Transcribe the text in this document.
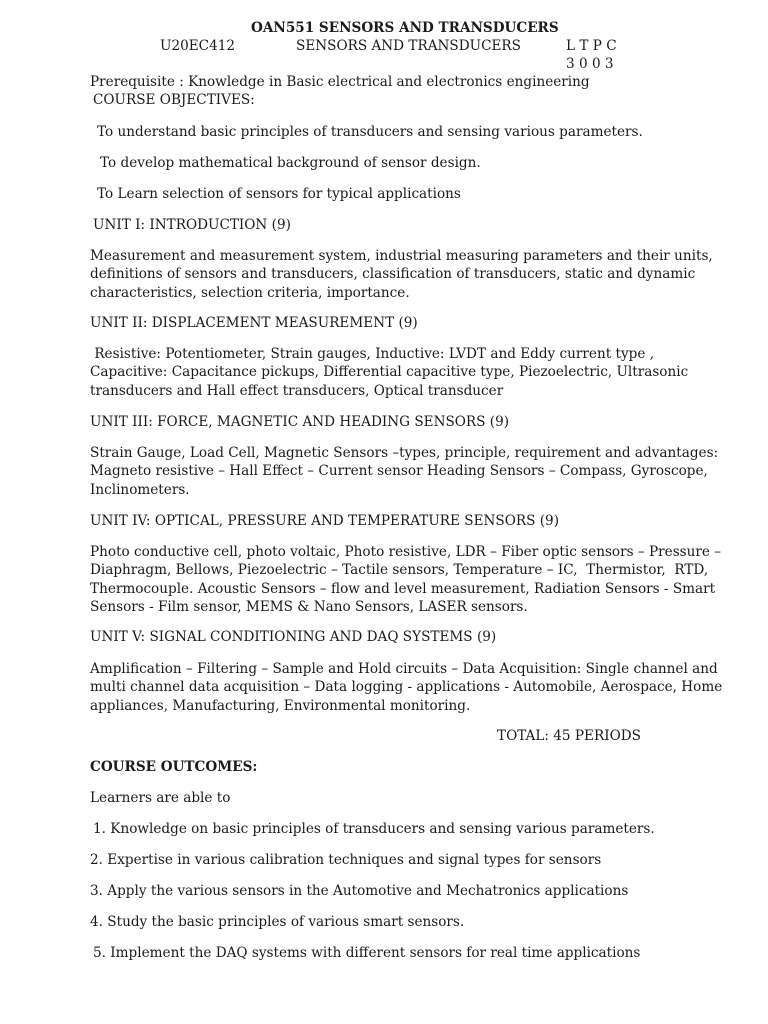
OAN551 SENSORS AND TRANSDUCERS
U20EC412	SENSORS AND TRANSDUCERS	L T P C
3 0 0 3
Prerequisite : Knowledge in Basic electrical and electronics engineering
COURSE OBJECTIVES:
To understand basic principles of transducers and sensing various parameters.
To develop mathematical background of sensor design.
To Learn selection of sensors for typical applications
UNIT I: INTRODUCTION (9)
Measurement and measurement system, industrial measuring parameters and their units,
definitions of sensors and transducers, classification of transducers, static and dynamic
characteristics, selection criteria, importance.
UNIT II: DISPLACEMENT MEASUREMENT (9)
Resistive: Potentiometer, Strain gauges, Inductive: LVDT and Eddy current type ,
Capacitive: Capacitance pickups, Differential capacitive type, Piezoelectric, Ultrasonic
transducers and Hall effect transducers, Optical transducer
UNIT III: FORCE, MAGNETIC AND HEADING SENSORS (9)
Strain Gauge, Load Cell, Magnetic Sensors –types, principle, requirement and advantages:
Magneto resistive – Hall Effect – Current sensor Heading Sensors – Compass, Gyroscope,
Inclinometers.
UNIT IV: OPTICAL, PRESSURE AND TEMPERATURE SENSORS (9)
Photo conductive cell, photo voltaic, Photo resistive, LDR – Fiber optic sensors – Pressure –
Diaphragm, Bellows, Piezoelectric – Tactile sensors, Temperature – IC,  Thermistor,  RTD,
Thermocouple. Acoustic Sensors – flow and level measurement, Radiation Sensors - Smart
Sensors - Film sensor, MEMS & Nano Sensors, LASER sensors.
UNIT V: SIGNAL CONDITIONING AND DAQ SYSTEMS (9)
Amplification – Filtering – Sample and Hold circuits – Data Acquisition: Single channel and
multi channel data acquisition – Data logging - applications - Automobile, Aerospace, Home
appliances, Manufacturing, Environmental monitoring.
TOTAL: 45 PERIODS
COURSE OUTCOMES:
Learners are able to
1. Knowledge on basic principles of transducers and sensing various parameters.
2. Expertise in various calibration techniques and signal types for sensors
3. Apply the various sensors in the Automotive and Mechatronics applications
4. Study the basic principles of various smart sensors.
5. Implement the DAQ systems with different sensors for real time applications
